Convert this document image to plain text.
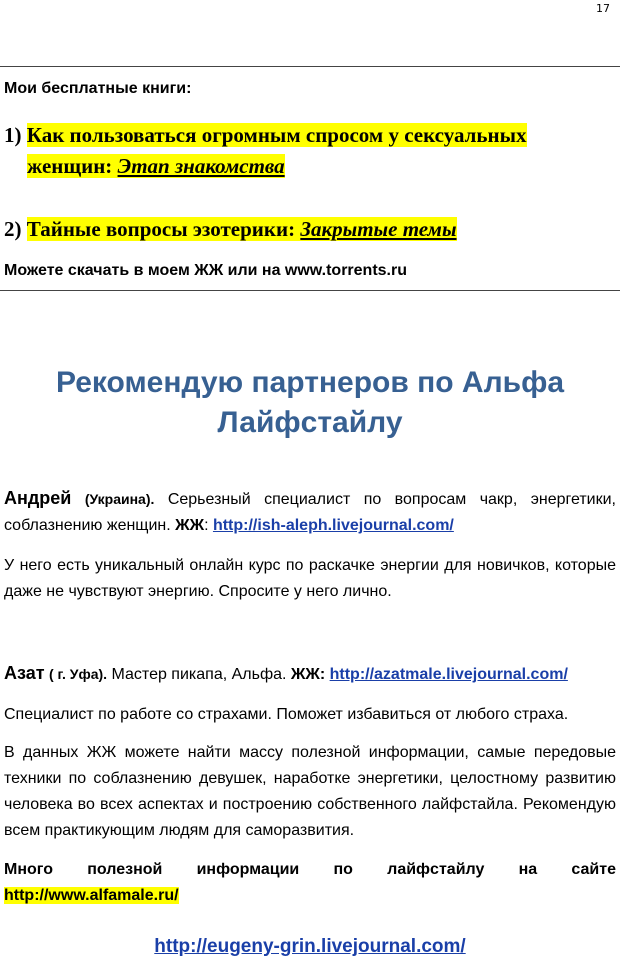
17
Мои бесплатные книги:
1) Как пользоваться огромным спросом у сексуальных
женщин: Этап знакомства
2) Тайные вопросы эзотерики: Закрытые темы
Можете скачать в моем ЖЖ или на www.torrents.ru
Рекомендую партнеров по Альфа
Лайфстайлу
Андрей (Украина). Серьезный специалист по вопросам чакр, энергетики, соблазнению женщин. ЖЖ: http://ish-aleph.livejournal.com/
У него есть уникальный онлайн курс по раскачке энергии для новичков, которые даже не чувствуют энергию. Спросите у него лично.
Азат ( г. Уфа). Мастер пикапа, Альфа. ЖЖ: http://azatmale.livejournal.com/
Специалист по работе со страхами. Поможет избавиться от любого страха.
В данных ЖЖ можете найти массу полезной информации, самые передовые техники по соблазнению девушек, наработке энергетики, целостному развитию человека во всех аспектах и построению собственного лайфстайла. Рекомендую всем практикующим людям для саморазвития.
Много полезной информации по лайфстайлу на сайте
http://www.alfamale.ru/
http://eugeny-grin.livejournal.com/
